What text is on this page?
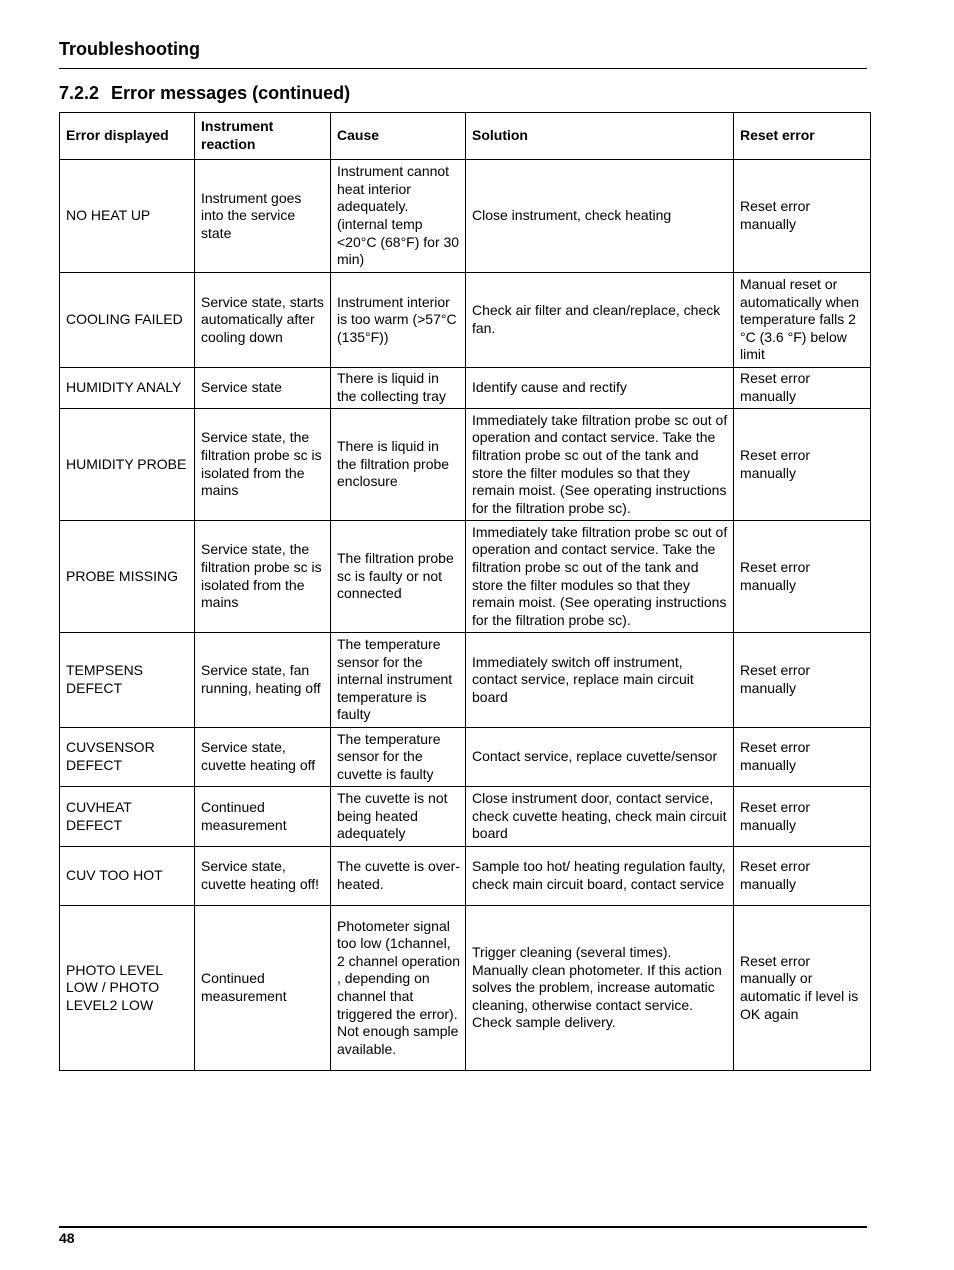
Troubleshooting
7.2.2 Error messages (continued)
Error displayed	Instrument reaction	Cause	Solution	Reset error
NO HEAT UP	Instrument goes into the service state	Instrument cannot heat interior adequately. (internal temp <20°C (68°F) for 30 min)	Close instrument, check heating	Reset error manually
COOLING FAILED	Service state, starts automatically after cooling down	Instrument interior is too warm (>57°C (135°F))	Check air filter and clean/replace, check fan.	Manual reset or automatically when temperature falls 2 °C (3.6 °F) below limit
HUMIDITY ANALY	Service state	There is liquid in the collecting tray	Identify cause and rectify	Reset error manually
HUMIDITY PROBE	Service state, the filtration probe sc is isolated from the mains	There is liquid in the filtration probe enclosure	Immediately take filtration probe sc out of operation and contact service. Take the filtration probe sc out of the tank and store the filter modules so that they remain moist. (See operating instructions for the filtration probe sc).	Reset error manually
PROBE MISSING	Service state, the filtration probe sc is isolated from the mains	The filtration probe sc is faulty or not connected	Immediately take filtration probe sc out of operation and contact service. Take the filtration probe sc out of the tank and store the filter modules so that they remain moist. (See operating instructions for the filtration probe sc).	Reset error manually
TEMPSENS DEFECT	Service state, fan running, heating off	The temperature sensor for the internal instrument temperature is faulty	Immediately switch off instrument, contact service, replace main circuit board	Reset error manually
CUVSENSOR DEFECT	Service state, cuvette heating off	The temperature sensor for the cuvette is faulty	Contact service, replace cuvette/sensor	Reset error manually
CUVHEAT DEFECT	Continued measurement	The cuvette is not being heated adequately	Close instrument door, contact service, check cuvette heating, check main circuit board	Reset error manually
CUV TOO HOT	Service state, cuvette heating off!	The cuvette is over-heated.	Sample too hot/ heating regulation faulty, check main circuit board, contact service	Reset error manually
PHOTO LEVEL LOW / PHOTO LEVEL2 LOW	Continued measurement	Photometer signal too low (1channel, 2 channel operation , depending on channel that triggered the error). Not enough sample available.	Trigger cleaning (several times). Manually clean photometer. If this action solves the problem, increase automatic cleaning, otherwise contact service. Check sample delivery.	Reset error manually or automatic if level is OK again
48
